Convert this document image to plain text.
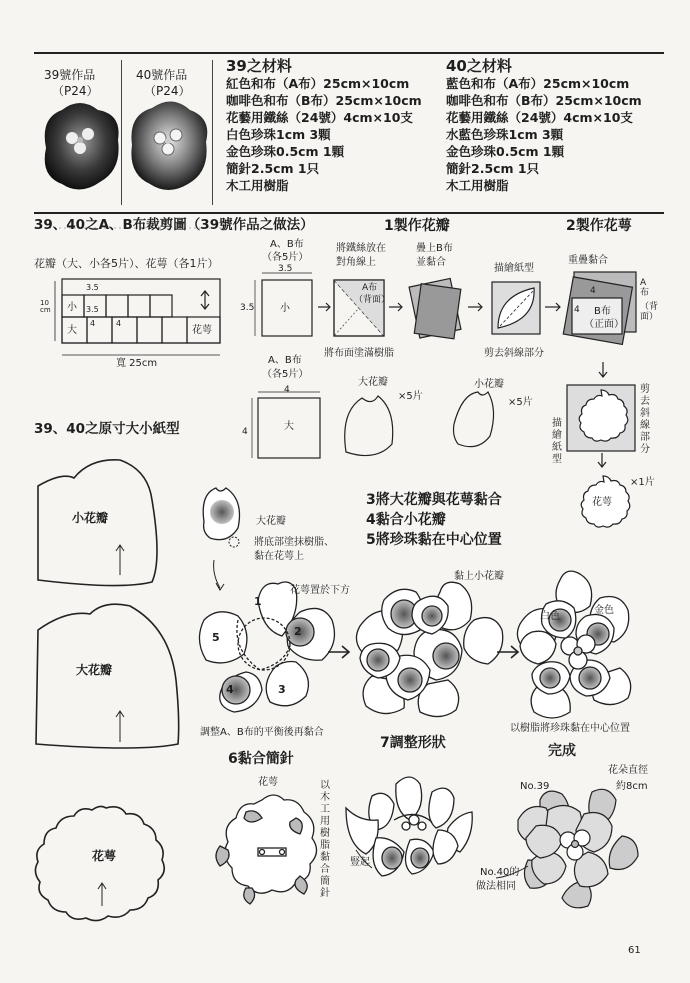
39號作品
（P24）
40號作品
（P24）
39之材料
紅色和布（A布）25cm×10cm
咖啡色和布（B布）25cm×10cm
花藝用鐵絲（24號）4cm×10支
白色珍珠1cm 3顆
金色珍珠0.5cm 1顆
簡針2.5cm 1只
木工用樹脂
40之材料
藍色和布（A布）25cm×10cm
咖啡色和布（B布）25cm×10cm
花藝用鐵絲（24號）4cm×10支
水藍色珍珠1cm 3顆
金色珍珠0.5cm 1顆
簡針2.5cm 1只
木工用樹脂
39、40之A、B布裁剪圖（39號作品之做法）
花瓣（大、小各5片）、花萼（各1片）
3.5
3.5
4
4
小
大	花萼
寬 25cm
10 cm
1製作花瓣
A、B布
（各5片）
3.5
3.5	小
將鐵絲放在
對角線上
A布
（背面）
將布面塗滿樹脂
疊上B布
並黏合
描繪紙型
剪去斜線部分
A、B布
（各5片）
4
4	大
大花瓣
×5片
小花瓣
×5片
2製作花萼
重疊黏合
A布
（背面）
B布
（正面）
4
4
剪去斜線部分
描繪紙型
花萼
×1片
39、40之原寸大小紙型
小花瓣
大花瓣
花萼
3將大花瓣與花萼黏合
4黏合小花瓣
5將珍珠黏在中心位置
大花瓣
將底部塗抹樹脂、
黏在花萼上
花萼置於下方
調整A、B布的平衡後再黏合
黏上小花瓣
白色
金色
以樹脂將珍珠黏在中心位置
1
2
3
4
5
6黏合簡針
花萼	以木工用樹脂黏合簡針
7調整形狀
豎起
完成
No.39
花朵直徑
約8cm
No.40的
做法相同
61
